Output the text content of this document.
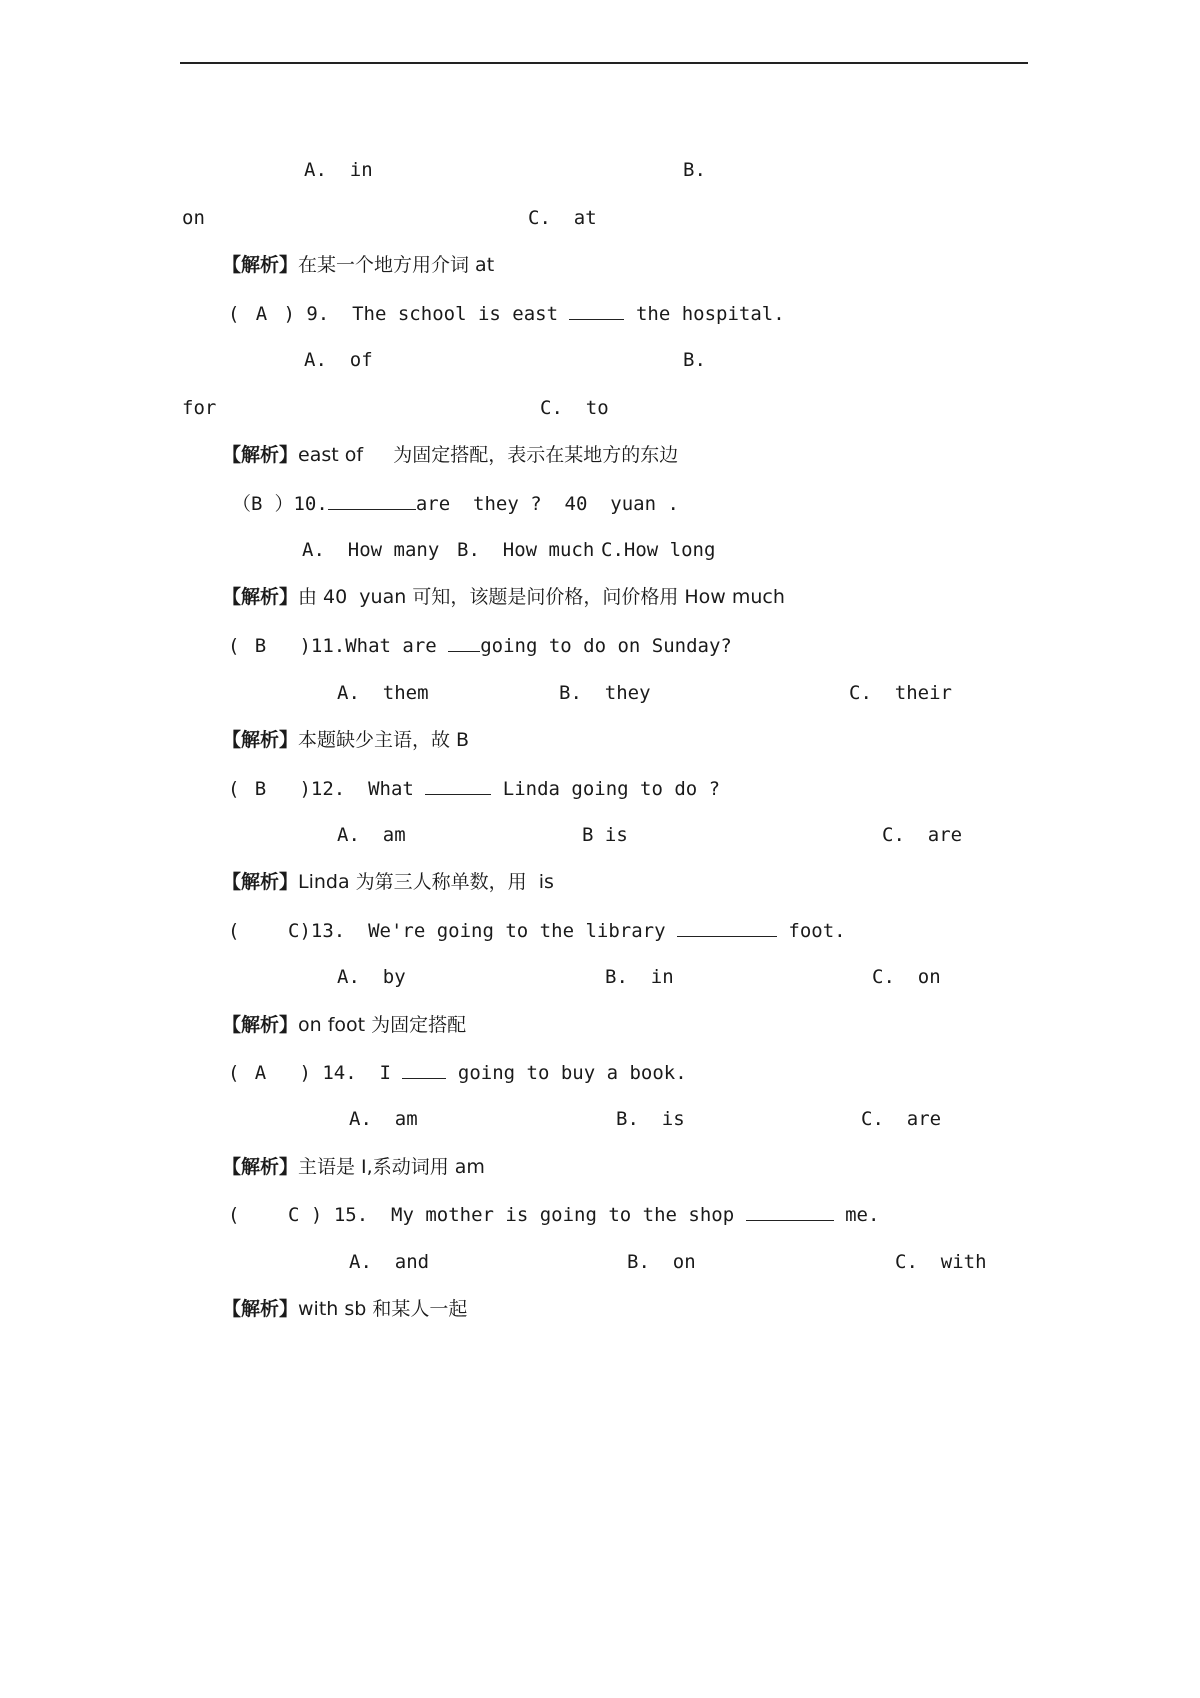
A.  in	B.
on	C.  at
【解析】在某一个地方用介词 at
( A ) 9.  The school is east	the hospital.
A.  of	B.
for	C.  to
【解析】east of     为固定搭配，表示在某地方的东边
（B ）10.	are  they ?  40  yuan .
A.  How many B.  How much C.How long
【解析】由 40  yuan 可知，该题是问价格，问价格用 How much
( B )11.What are going to do on Sunday?
A.  them	B.  they	C.  their
【解析】本题缺少主语，故 B
( B )12.  What	Linda going to do ?
A.  am	B is	C.  are
【解析】Linda 为第三人称单数，用  is
(	C)13.  We're going to the library	foot.
A.  by	B.  in	C.  on
【解析】on foot 为固定搭配
( A ) 14.  I	going to buy a book.
A.  am	B.  is	C.  are
【解析】主语是 I,系动词用 am
(	C ) 15.  My mother is going to the shop	me.
A.  and	B.  on	C.  with
【解析】with sb 和某人一起
